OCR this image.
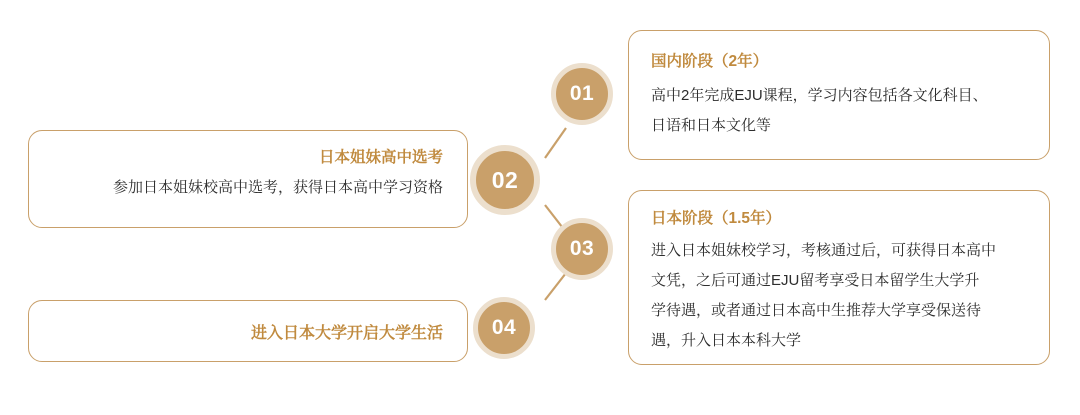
01
02
03
04
国内阶段（2年）
高中2年完成EJU课程，学习内容包括各文化科目、
日语和日本文化等
日本阶段（1.5年）
进入日本姐妹校学习，考核通过后，可获得日本高中
文凭，之后可通过EJU留考享受日本留学生大学升
学待遇，或者通过日本高中生推荐大学享受保送待
遇，升入日本本科大学
日本姐妹高中选考
参加日本姐妹校高中选考，获得日本高中学习资格
进入日本大学开启大学生活
